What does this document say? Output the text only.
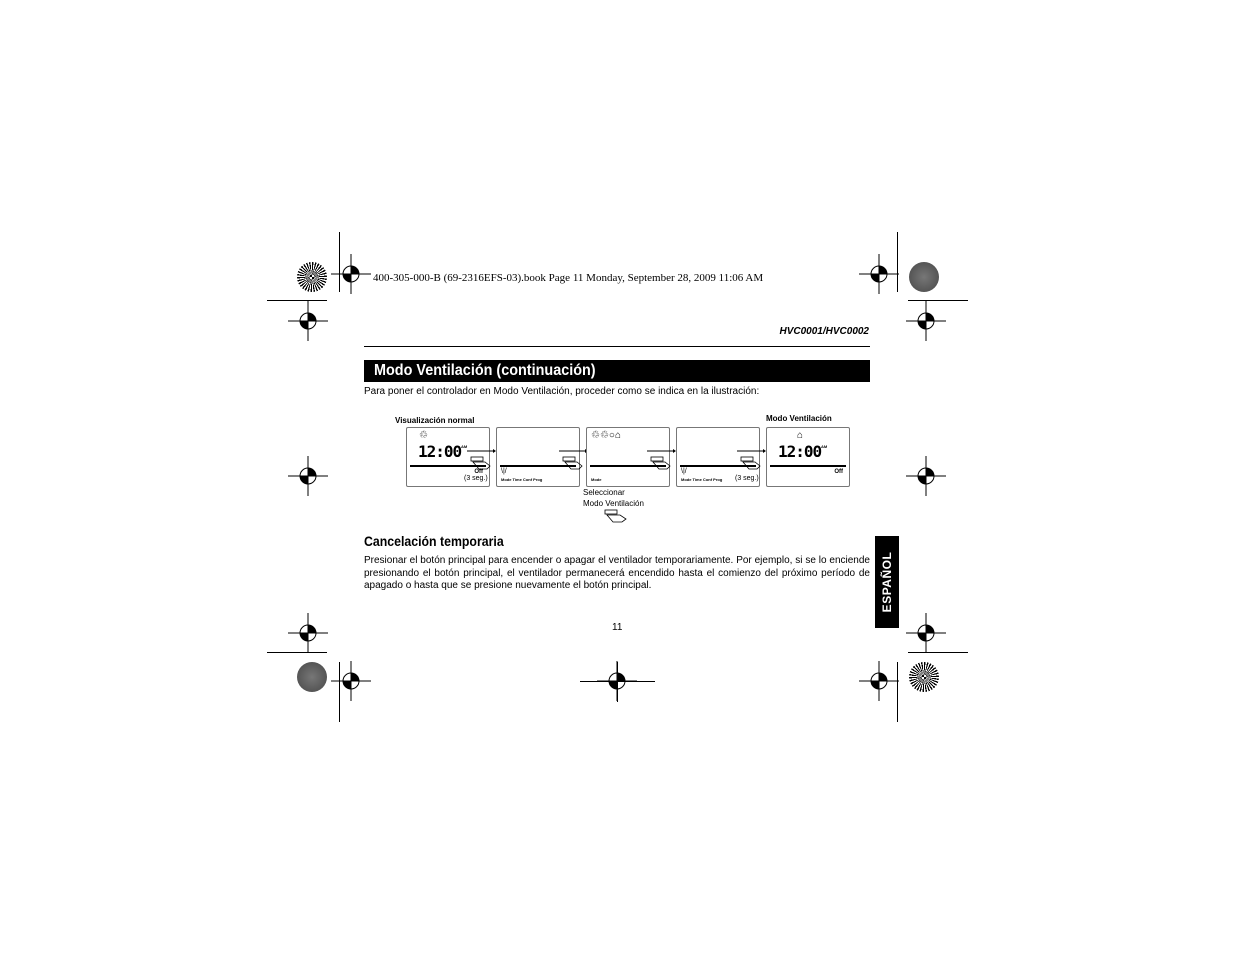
400-305-000-B (69-2316EFS-03).book Page 11 Monday, September 28, 2009 11:06 AM
HVC0001/HVC0002
Modo Ventilación (continuación)
Para poner el controlador en Modo Ventilación, proceder como se indica en la ilustración:
Visualización normal	Modo Ventilación
♲
12:00 AM
Off
(3 seg.)
\|/
Mode Time Conf Prog
♲♲○⌂
Mode
Seleccionar
Modo Ventilación
\|/
Mode Time Conf Prog (3 seg.)
⌂
12:00 AM
Off
Cancelación temporaria
Presionar el botón principal para encender o apagar el ventilador temporariamente. Por ejemplo, si se lo enciende presionando el botón principal, el ventilador permanecerá encendido hasta el comienzo del próximo período de apagado o hasta que se presione nuevamente el botón principal.
11
ESPAÑOL
